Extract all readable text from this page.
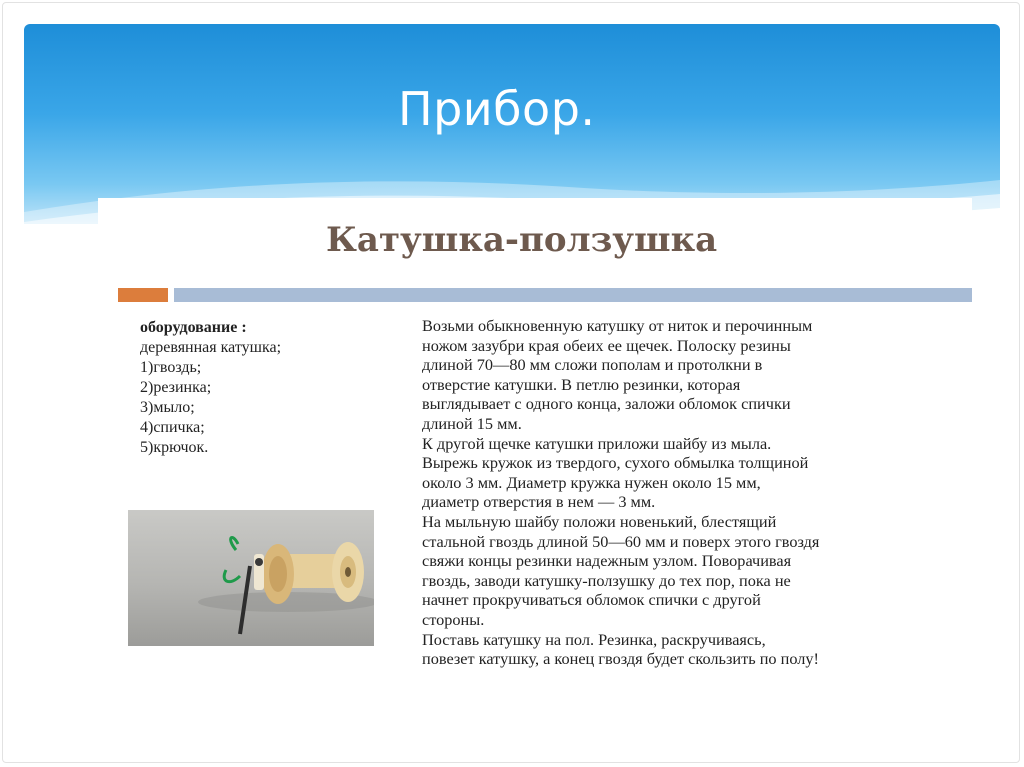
Прибор.
Катушка-ползушка
оборудование :
деревянная катушка;
1)гвоздь;
2)резинка;
3)мыло;
4)спичка;
5)крючок.
Возьми обыкновенную катушку от ниток и перочинным
ножом зазубри края обеих ее щечек. Полоску резины
длиной 70—80 мм сложи пополам и протолкни в
отверстие катушки. В петлю резинки, которая
выглядывает с одного конца, заложи обломок спички
длиной 15 мм.
К другой щечке катушки приложи шайбу из мыла.
Вырежь кружок из твердого, сухого обмылка толщиной
около 3 мм. Диаметр кружка нужен около 15 мм,
диаметр отверстия в нем — 3 мм.
На мыльную шайбу положи новенький, блестящий
стальной гвоздь длиной 50—60 мм и поверх этого гвоздя
свяжи концы резинки надежным узлом. Поворачивая
гвоздь, заводи катушку-ползушку до тех пор, пока не
начнет прокручиваться обломок спички с другой
стороны.
Поставь катушку на пол. Резинка, раскручиваясь,
повезет катушку, а конец гвоздя будет скользить по полу!
